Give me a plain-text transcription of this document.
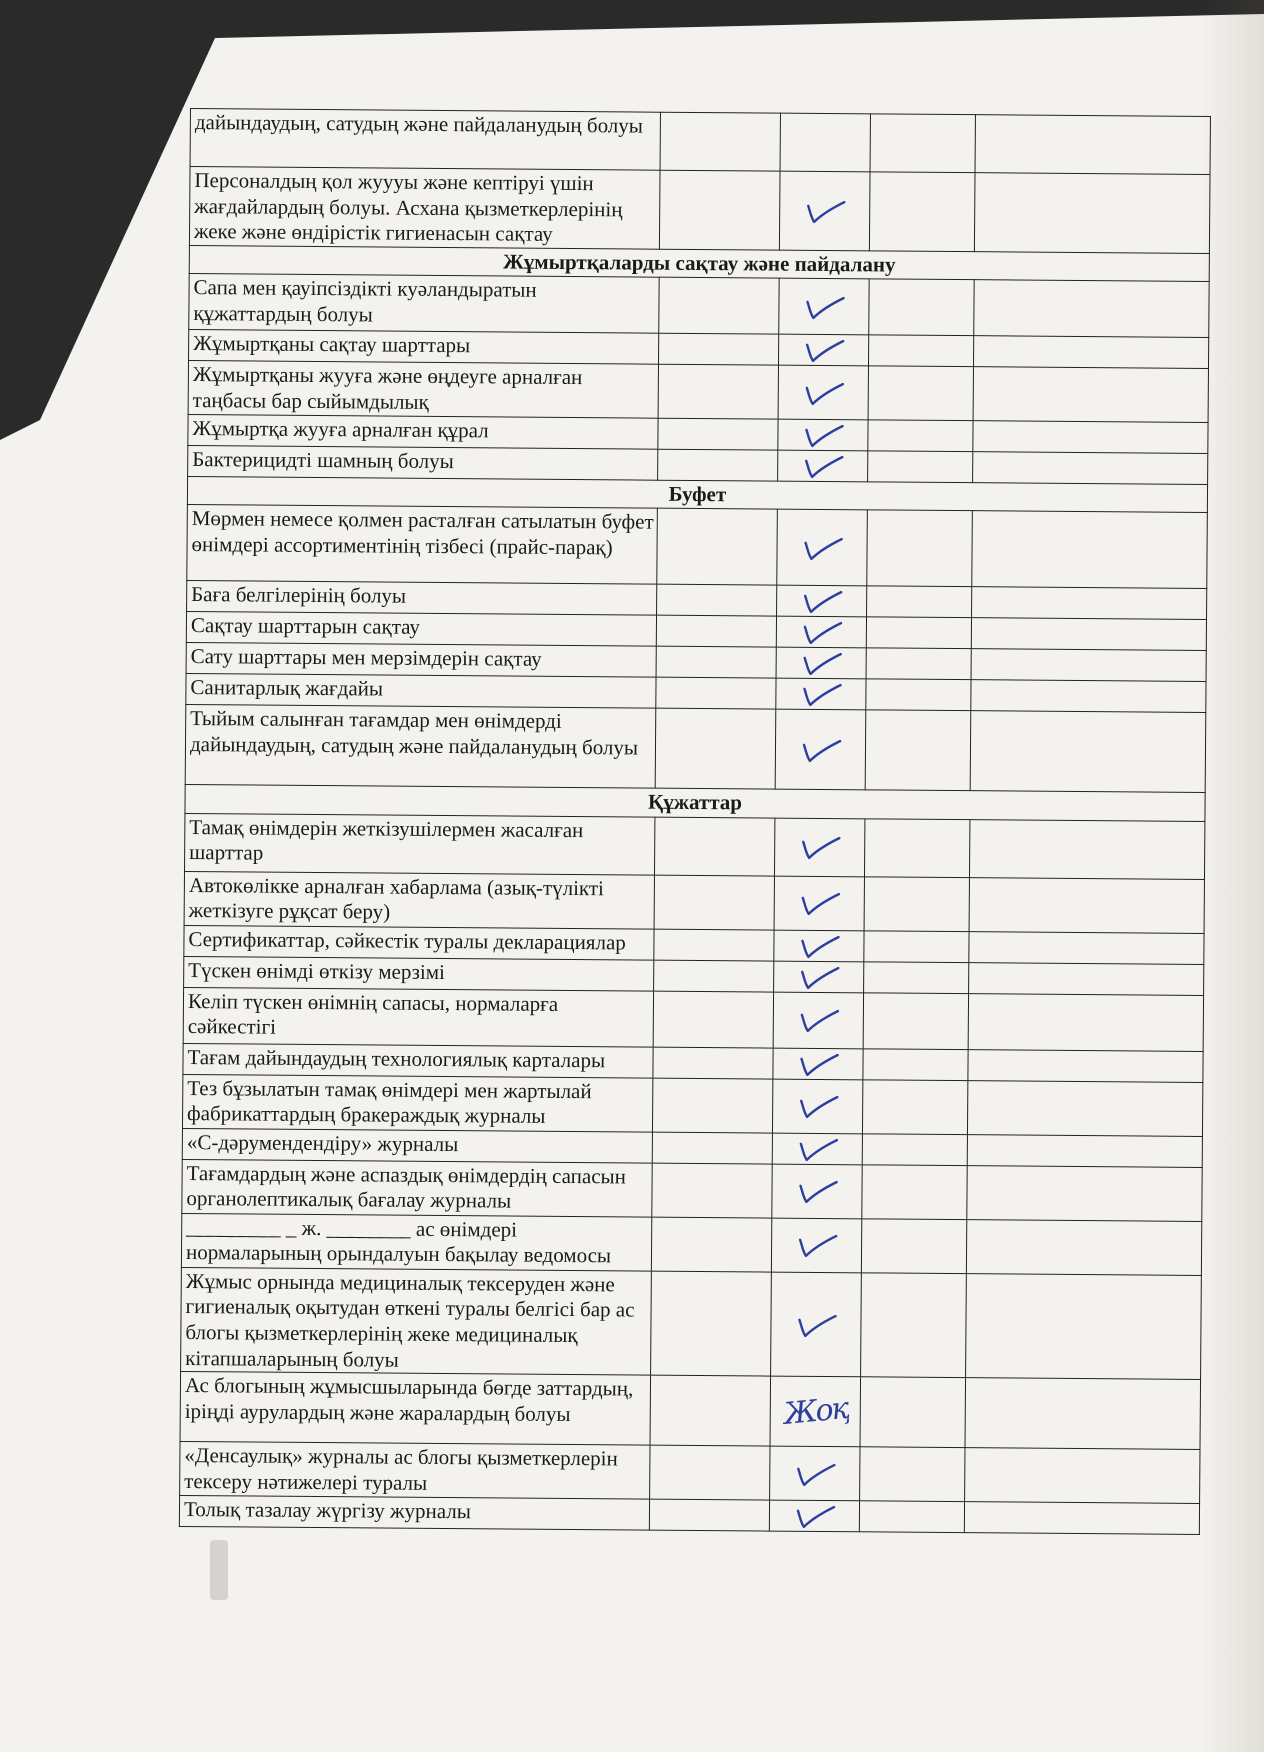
дайындаудың, сатудың және пайдаланудың болуы				
Персоналдың қол жуууы және кептіруі үшін жағдайлардың болуы. Асхана қызметкерлерінің жеке және өндірістік гигиенасын сақтау		

Жұмыртқаларды сақтау және пайдалану				
Сапа мен қауіпсіздікті куәландыратын құжаттардың болуы		

Жұмыртқаны сақтау шарттары		

Жұмыртқаны жууға және өңдеуге арналған таңбасы бар сыйымдылық		

Жұмыртқа жууға арналған құрал		

Бактерицидті шамның болуы		

Буфет				
Мөрмен немесе қолмен расталған сатылатын буфет өнімдері ассортиментінің тізбесі (прайс-парақ)		

Баға белгілерінің болуы		

Сақтау шарттарын сақтау		

Сату шарттары мен мерзімдерін сақтау		

Санитарлық жағдайы		

Тыйым салынған тағамдар мен өнімдерді дайындаудың, сатудың және пайдаланудың болуы		

Құжаттар				
Тамақ өнімдерін жеткізушілермен жасалған шарттар		

Автокөлікке арналған хабарлама (азық-түлікті жеткізуге рұқсат беру)		

Сертификаттар, сәйкестік туралы декларациялар		

Түскен өнімді өткізу мерзімі		

Келіп түскен өнімнің сапасы, нормаларға сәйкестігі		

Тағам дайындаудың технологиялық карталары		

Тез бұзылатын тамақ өнімдері мен жартылай фабрикаттардың бракераждық журналы		

«С-дәрумендендіру» журналы		

Тағамдардың және аспаздық өнімдердің сапасын органолептикалық бағалау журналы		

_________ _ ж. ________ ас өнімдері нормаларының орындалуын бақылау ведомосы		

Жұмыс орнында медициналық тексеруден және гигиеналық оқытудан өткені туралы белгісі бар ас блогы қызметкерлерінің жеке медициналық кітапшаларының болуы		

Ас блогының жұмысшыларында бөгде заттардың, іріңді аурулардың және жаралардың болуы		Жоқ		
«Денсаулық» журналы ас блогы қызметкерлерін тексеру нәтижелері туралы		

Толық тазалау жүргізу журналы		
